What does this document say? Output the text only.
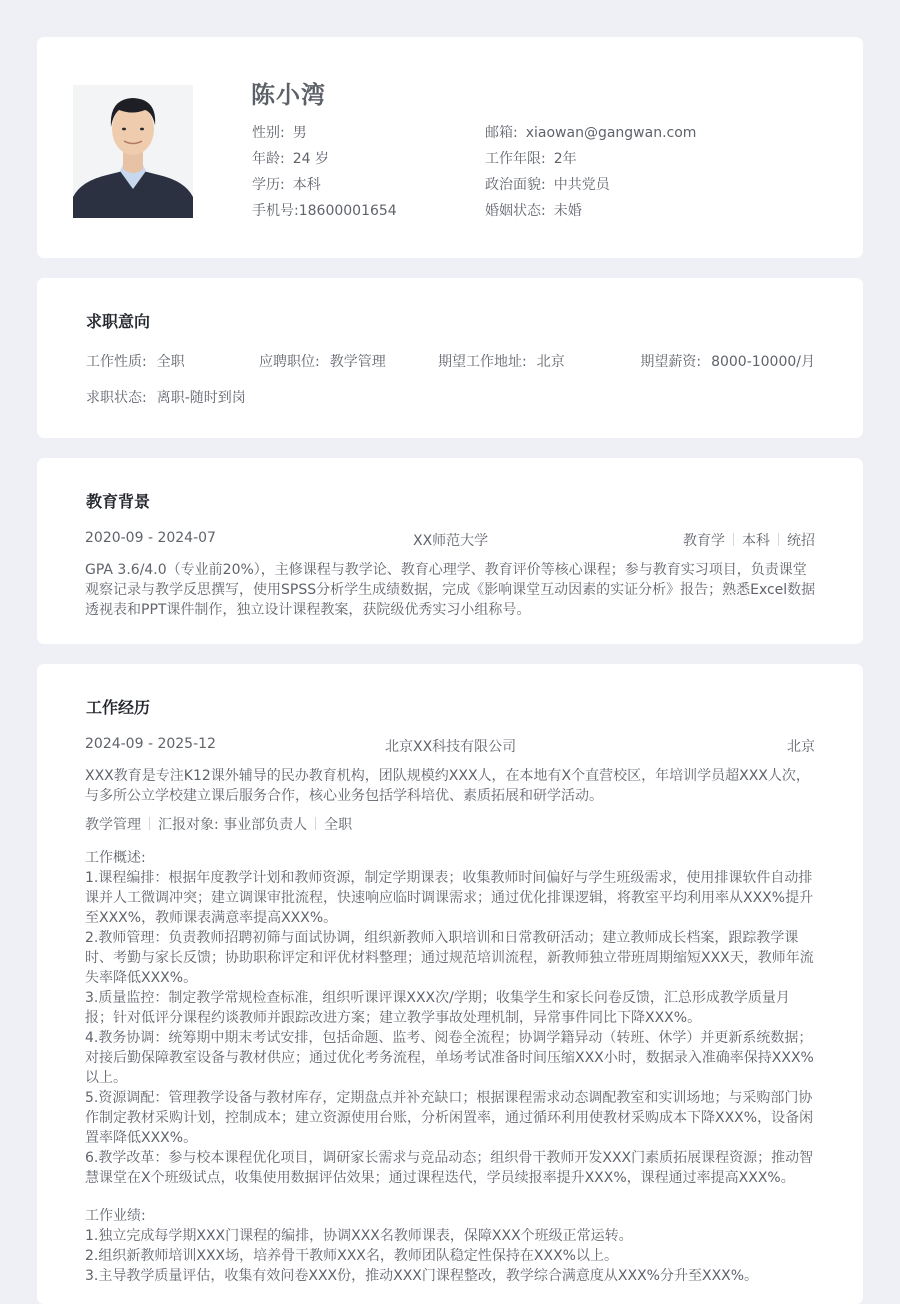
陈小湾
性别: 男	邮箱: xiaowan@gangwan.com
年龄: 24 岁	工作年限: 2年
学历: 本科	政治面貌: 中共党员
手机号:18600001654	婚姻状态: 未婚
求职意向
工作性质: 全职	应聘职位: 教学管理	期望工作地址: 北京	期望薪资: 8000-10000/月
求职状态: 离职-随时到岗
教育背景
2020-09 - 2024-07	XX师范大学	教育学 本科 统招
GPA 3.6/4.0（专业前20%），主修课程与教学论、教育心理学、教育评价等核心课程；参与教育实习项目，负责课堂
观察记录与教学反思撰写，使用SPSS分析学生成绩数据，完成《影响课堂互动因素的实证分析》报告；熟悉Excel数据
透视表和PPT课件制作，独立设计课程教案，获院级优秀实习小组称号。
工作经历
2024-09 - 2025-12	北京XX科技有限公司	北京
XXX教育是专注K12课外辅导的民办教育机构，团队规模约XXX人，在本地有X个直营校区，年培训学员超XXX人次，
与多所公立学校建立课后服务合作，核心业务包括学科培优、素质拓展和研学活动。
教学管理 汇报对象: 事业部负责人 全职
工作概述:
1.课程编排：根据年度教学计划和教师资源，制定学期课表；收集教师时间偏好与学生班级需求，使用排课软件自动排
课并人工微调冲突；建立调课审批流程，快速响应临时调课需求；通过优化排课逻辑，将教室平均利用率从XXX%提升
至XXX%，教师课表满意率提高XXX%。
2.教师管理：负责教师招聘初筛与面试协调，组织新教师入职培训和日常教研活动；建立教师成长档案，跟踪教学课
时、考勤与家长反馈；协助职称评定和评优材料整理；通过规范培训流程，新教师独立带班周期缩短XXX天，教师年流
失率降低XXX%。
3.质量监控：制定教学常规检查标准，组织听课评课XXX次/学期；收集学生和家长问卷反馈，汇总形成教学质量月
报；针对低评分课程约谈教师并跟踪改进方案；建立教学事故处理机制，异常事件同比下降XXX%。
4.教务协调：统筹期中期末考试安排，包括命题、监考、阅卷全流程；协调学籍异动（转班、休学）并更新系统数据；
对接后勤保障教室设备与教材供应；通过优化考务流程，单场考试准备时间压缩XXX小时，数据录入准确率保持XXX%
以上。
5.资源调配：管理教学设备与教材库存，定期盘点并补充缺口；根据课程需求动态调配教室和实训场地；与采购部门协
作制定教材采购计划，控制成本；建立资源使用台账，分析闲置率，通过循环利用使教材采购成本下降XXX%，设备闲
置率降低XXX%。
6.教学改革：参与校本课程优化项目，调研家长需求与竞品动态；组织骨干教师开发XXX门素质拓展课程资源；推动智
慧课堂在X个班级试点，收集使用数据评估效果；通过课程迭代，学员续报率提升XXX%，课程通过率提高XXX%。
工作业绩:
1.独立完成每学期XXX门课程的编排，协调XXX名教师课表，保障XXX个班级正常运转。
2.组织新教师培训XXX场，培养骨干教师XXX名，教师团队稳定性保持在XXX%以上。
3.主导教学质量评估，收集有效问卷XXX份，推动XXX门课程整改，教学综合满意度从XXX%分升至XXX%。
